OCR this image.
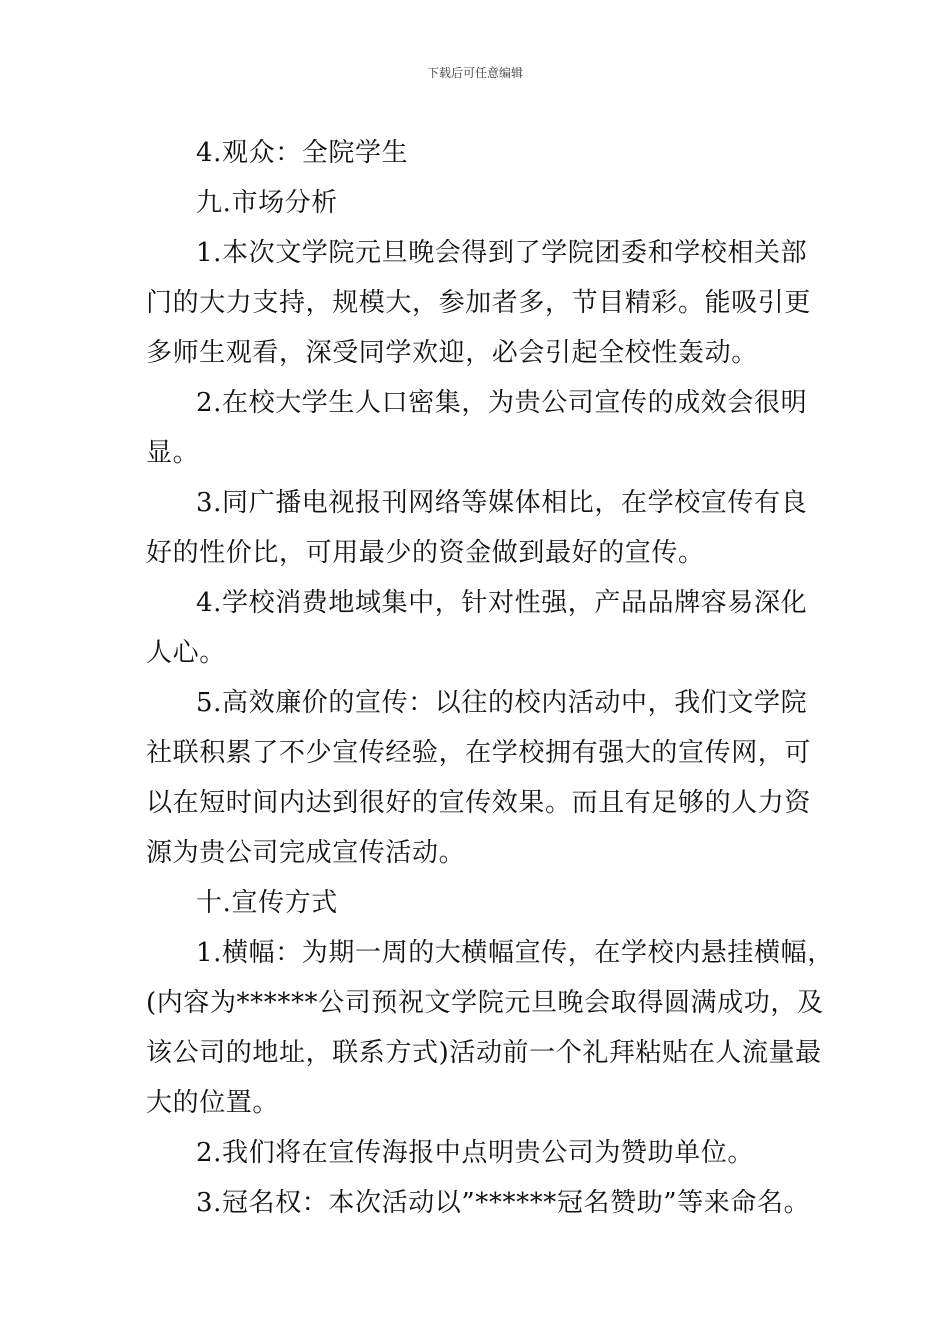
下载后可任意编辑
4.观众：全院学生
九.市场分析
1.本次文学院元旦晚会得到了学院团委和学校相关部
门的大力支持，规模大，参加者多，节目精彩。能吸引更
多师生观看，深受同学欢迎，必会引起全校性轰动。
2.在校大学生人口密集，为贵公司宣传的成效会很明
显。
3.同广播电视报刊网络等媒体相比，在学校宣传有良
好的性价比，可用最少的资金做到最好的宣传。
4.学校消费地域集中，针对性强，产品品牌容易深化
人心。
5.高效廉价的宣传：以往的校内活动中，我们文学院
社联积累了不少宣传经验，在学校拥有强大的宣传网，可
以在短时间内达到很好的宣传效果。而且有足够的人力资
源为贵公司完成宣传活动。
十.宣传方式
1.横幅：为期一周的大横幅宣传，在学校内悬挂横幅，
(内容为******公司预祝文学院元旦晚会取得圆满成功，及
该公司的地址，联系方式)活动前一个礼拜粘贴在人流量最
大的位置。
2.我们将在宣传海报中点明贵公司为赞助单位。
3.冠名权：本次活动以”******冠名赞助”等来命名。
